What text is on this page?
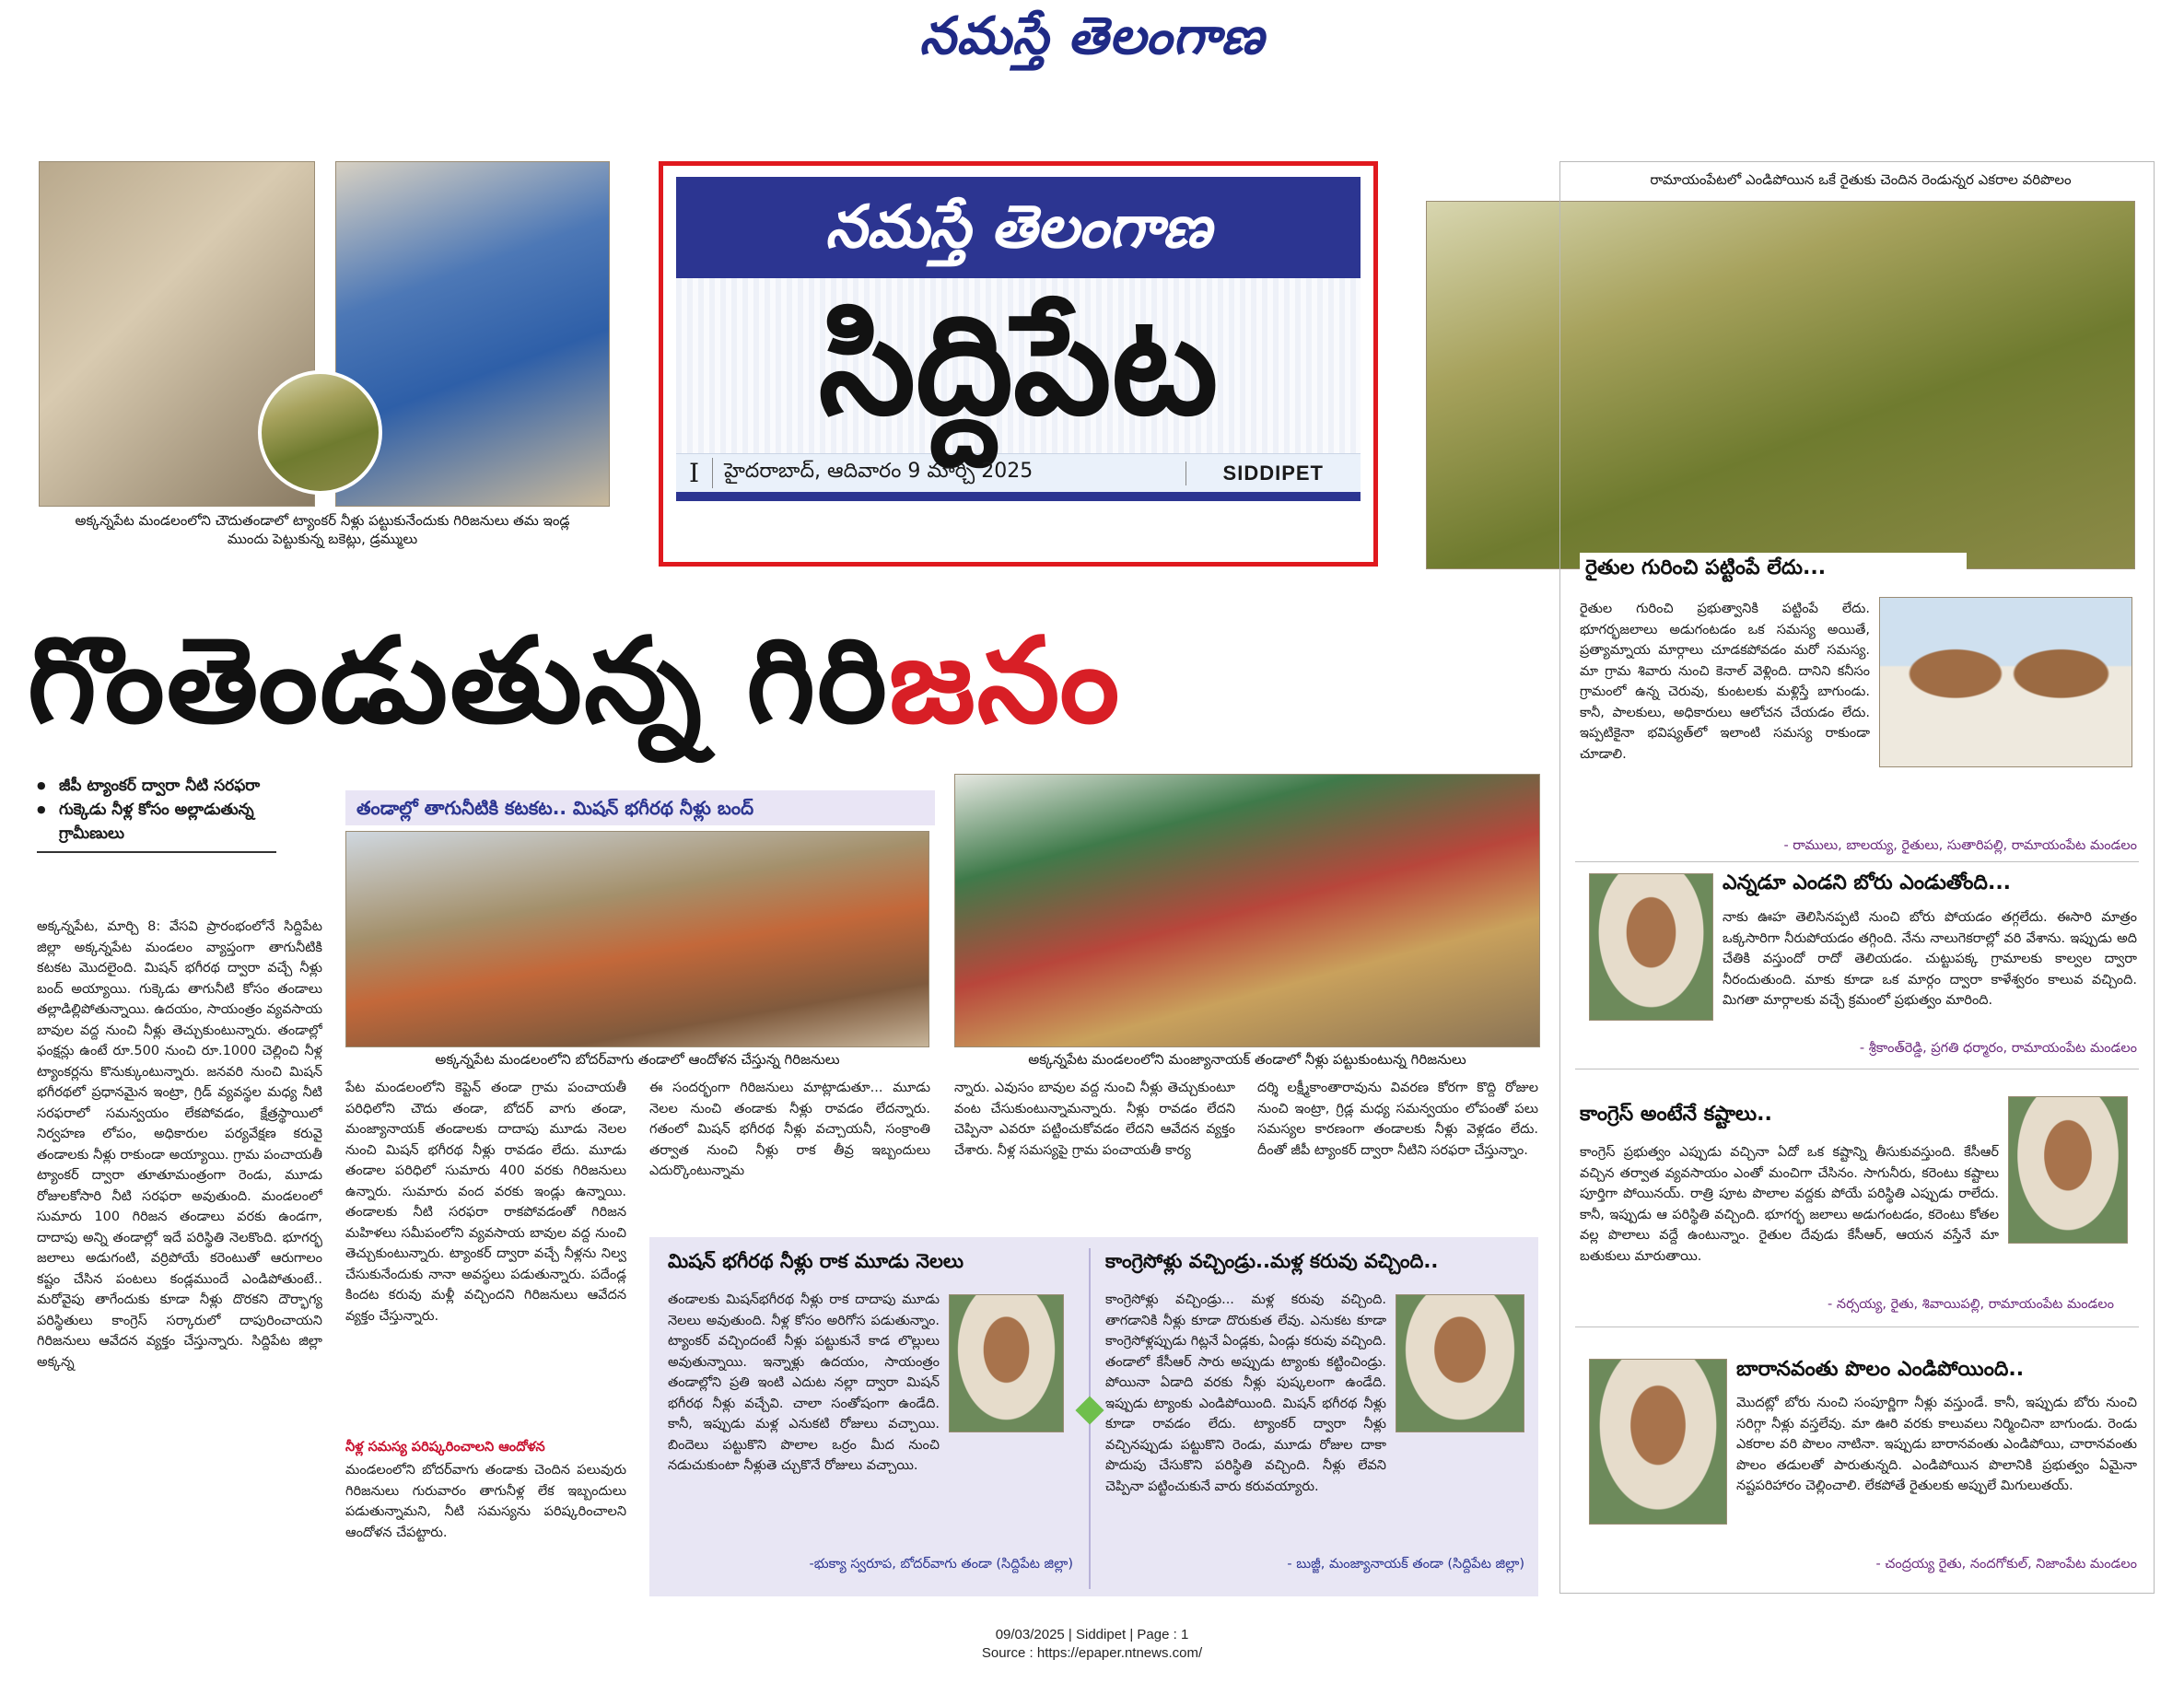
నమస్తే తెలంగాణ
అక్కన్నపేట మండలంలోని చౌదుతండాలో ట్యాంకర్ నీళ్లు పట్టుకునేందుకు గిరిజనులు తమ ఇండ్ల ముందు పెట్టుకున్న బకెట్లు, డ్రమ్ములు
నమస్తే తెలంగాణ
సిద్దిపేట
I	హైదరాబాద్, ఆదివారం 9 మార్చి 2025	SIDDIPET
రామాయంపేటలో ఎండిపోయిన ఒకే రైతుకు చెందిన రెండున్నర ఎకరాల వరిపొలం
గొంతెండుతున్న గిరిజనం
● జీపీ ట్యాంకర్ ద్వారా నీటి సరఫరా
● గుక్కెడు నీళ్ల కోసం అల్లాడుతున్న గ్రామీణులు
తండాల్లో తాగునీటికి కటకట.. మిషన్ భగీరథ నీళ్లు బంద్
అక్కన్నపేట మండలంలోని బోదర్‌వాగు తండాలో ఆందోళన చేస్తున్న గిరిజనులు	అక్కన్నపేట మండలంలోని మంజ్యానాయక్ తండాలో నీళ్లు పట్టుకుంటున్న గిరిజనులు
అక్కన్నపేట, మార్చి 8: వేసవి ప్రారంభంలోనే సిద్దిపేట జిల్లా అక్కన్నపేట మండలం వ్యాప్తంగా తాగునీటికి కటకట మొదలైంది. మిషన్ భగీరథ ద్వారా వచ్చే నీళ్లు బంద్ అయ్యాయి. గుక్కెడు తాగునీటి కోసం తండాలు తల్లాడిల్లిపోతున్నాయి. ఉదయం, సాయంత్రం వ్యవసాయ బావుల వద్ద నుంచి నీళ్లు తెచ్చుకుంటున్నారు. తండాల్లో ఫంక్షన్లు ఉంటే రూ.500 నుంచి రూ.1000 చెల్లించి నీళ్ల ట్యాంకర్లను కొనుక్కుంటున్నారు. జనవరి నుంచి మిషన్ భగీరథలో ప్రధానమైన ఇంట్రా, గ్రిడ్ వ్యవస్థల మధ్య నీటి సరఫరాలో సమన్వయం లేకపోవడం, క్షేత్రస్థాయిలో నిర్వహణ లోపం, అధికారుల పర్యవేక్షణ కరువై తండాలకు నీళ్లు రాకుండా అయ్యాయి. గ్రామ పంచాయతీ ట్యాంకర్ ద్వారా తూతూమంత్రంగా రెండు, మూడు రోజులకోసారి నీటి సరఫరా అవుతుంది. మండలంలో సుమారు 100 గిరిజన తండాలు వరకు ఉండగా, దాదాపు అన్ని తండాల్లో ఇదే పరిస్థితి నెలకొంది. భూగర్భ జలాలు అడుగంటి, వర్రిపోయే కరెంటుతో ఆరుగాలం కష్టం చేసిన పంటలు కండ్లముందే ఎండిపోతుంటే.. మరోవైపు తాగేందుకు కూడా నీళ్లు దొరకని దౌర్భాగ్య పరిస్థితులు కాంగ్రెస్ సర్కారులో దాపురించాయని గిరిజనులు ఆవేదన వ్యక్తం చేస్తున్నారు. సిద్దిపేట జిల్లా అక్కన్న
పేట మండలంలోని కెప్టెన్ తండా గ్రామ పంచాయతీ పరిధిలోని చౌదు తండా, బోదర్ వాగు తండా, మంజ్యానాయక్ తండాలకు దాదాపు మూడు నెలల నుంచి మిషన్ భగీరథ నీళ్లు రావడం లేదు. మూడు తండాల పరిధిలో సుమారు 400 వరకు గిరిజనులు ఉన్నారు. సుమారు వంద వరకు ఇండ్లు ఉన్నాయి. తండాలకు నీటి సరఫరా రాకపోవడంతో గిరిజన మహిళలు సమీపంలోని వ్యవసాయ బావుల వద్ద నుంచి తెచ్చుకుంటున్నారు. ట్యాంకర్ ద్వారా వచ్చే నీళ్లను నిల్వ చేసుకునేందుకు నానా అవస్థలు పడుతున్నారు. పదేండ్ల కిందట కరువు మళ్లీ వచ్చిందని గిరిజనులు ఆవేదన వ్యక్తం చేస్తున్నారు.
నీళ్ల సమస్య పరిష్కరించాలని ఆందోళన
మండలంలోని బోదర్‌వాగు తండాకు చెందిన పలువురు గిరిజనులు గురువారం తాగునీళ్ల లేక ఇబ్బందులు పడుతున్నామని, నీటి సమస్యను పరిష్కరించాలని ఆందోళన చేపట్టారు.
ఈ సందర్భంగా గిరిజనులు మాట్లాడుతూ... మూడు నెలల నుంచి తండాకు నీళ్లు రావడం లేదన్నారు. గతంలో మిషన్ భగీరథ నీళ్లు వచ్చాయనీ, సంక్రాంతి తర్వాత నుంచి నీళ్లు రాక తీవ్ర ఇబ్బందులు ఎదుర్కొంటున్నామ
న్నారు. ఎవుసం బావుల వద్ద నుంచి నీళ్లు తెచ్చుకుంటూ వంట చేసుకుంటున్నామన్నారు. నీళ్లు రావడం లేదని చెప్పినా ఎవరూ పట్టించుకోవడం లేదని ఆవేదన వ్యక్తం చేశారు. నీళ్ల సమస్యపై గ్రామ పంచాయతీ కార్య
దర్శి లక్ష్మీకాంతారావును వివరణ కోరగా కొద్ది రోజుల నుంచి ఇంట్రా, గ్రిడ్ల మధ్య సమన్వయం లోపంతో పలు సమస్యల కారణంగా తండాలకు నీళ్లు వెళ్లడం లేదు. దీంతో జీపీ ట్యాంకర్ ద్వారా నీటిని సరఫరా చేస్తున్నాం.
మిషన్ భగీరథ నీళ్లు రాక మూడు నెలలు
తండాలకు మిషన్‌భగీరథ నీళ్లు రాక దాదాపు మూడు నెలలు అవుతుంది. నీళ్ల కోసం అరిగోస పడుతున్నాం. ట్యాంకర్ వచ్చిందంటే నీళ్లు పట్టుకునే కాడ లొల్లులు అవుతున్నాయి. ఇన్నాళ్లు ఉదయం, సాయంత్రం తండాల్లోని ప్రతి ఇంటి ఎదుట నల్లా ద్వారా మిషన్ భగీరథ నీళ్లు వచ్చేవి. చాలా సంతోషంగా ఉండేది. కానీ, ఇప్పుడు మళ్ల ఎనుకటి రోజులు వచ్చాయి. బిందెలు పట్టుకొని పొలాల ఒర్రం మీద నుంచి నడుచుకుంటా నీళ్లుతె చ్చుకొనే రోజులు వచ్చాయి.
-భుక్యా స్వరూప, బోదర్‌వాగు తండా (సిద్దిపేట జిల్లా)
కాంగ్రెసోళ్లు వచ్చిండ్రు..మళ్ల కరువు వచ్చింది..
కాంగ్రెసోళ్లు వచ్చిండ్రు... మళ్ల కరువు వచ్చింది. తాగడానికి నీళ్లు కూడా దొరుకుత లేవు. ఎనుకట కూడా కాంగ్రెసోళ్లప్పుడు గిట్లనే ఏండ్లకు, ఏండ్లు కరువు వచ్చింది. తండాలో కేసీఆర్ సారు అప్పుడు ట్యాంకు కట్టించిండ్రు. పోయినా ఏడాది వరకు నీళ్లు పుష్కలంగా ఉండేది. ఇప్పుడు ట్యాంకు ఎండిపోయింది. మిషన్ భగీరథ నీళ్లు కూడా రావడం లేదు. ట్యాంకర్ ద్వారా నీళ్లు వచ్చినప్పుడు పట్టుకొని రెండు, మూడు రోజుల దాకా పొదుపు చేసుకొని పరిస్థితి వచ్చింది. నీళ్లు లేవని చెప్పినా పట్టించుకునే వారు కరువయ్యారు.
- బుజ్జీ, మంజ్యానాయక్ తండా (సిద్దిపేట జిల్లా)
రైతుల గురించి పట్టింపే లేదు...
రైతుల గురించి ప్రభుత్వానికి పట్టింపే లేదు. భూగర్భజలాలు అడుగంటడం ఒక సమస్య అయితే, ప్రత్యామ్నాయ మార్గాలు చూడకపోవడం మరో సమస్య. మా గ్రామ శివారు నుంచి కెనాల్ వెళ్లింది. దానిని కనీసం గ్రామంలో ఉన్న చెరువు, కుంటలకు మళ్లిస్తే బాగుండు. కానీ, పాలకులు, అధికారులు ఆలోచన చేయడం లేదు. ఇప్పటికైనా భవిష్యత్‌లో ఇలాంటి సమస్య రాకుండా చూడాలి.
- రాములు, బాలయ్య, రైతులు, సుతారిపల్లి, రామాయంపేట మండలం
ఎన్నడూ ఎండని బోరు ఎండుతోంది...
నాకు ఊహ తెలిసినప్పటి నుంచి బోరు పోయడం తగ్గలేదు. ఈసారి మాత్రం ఒక్కసారిగా నీరుపోయడం తగ్గింది. నేను నాలుగెకరాల్లో వరి వేశాను. ఇప్పుడు అది చేతికి వస్తుందో రాదో తెలియడం. చుట్టుపక్క గ్రామాలకు కాల్వల ద్వారా నీరందుతుంది. మాకు కూడా ఒక మార్గం ద్వారా కాళేశ్వరం కాలువ వచ్చింది. మిగతా మార్గాలకు వచ్చే క్రమంలో ప్రభుత్వం మారింది.
- శ్రీకాంత్‌రెడ్డి, ప్రగతి ధర్మారం, రామాయంపేట మండలం
కాంగ్రెస్ అంటేనే కష్టాలు..
కాంగ్రెస్ ప్రభుత్వం ఎప్పుడు వచ్చినా ఏదో ఒక కష్టాన్ని తీసుకువస్తుంది. కేసీఆర్ వచ్చిన తర్వాత వ్యవసాయం ఎంతో మంచిగా చేసినం. సాగునీరు, కరెంటు కష్టాలు పూర్తిగా పోయినయ్. రాత్రి పూట పొలాల వద్దకు పోయే పరిస్థితి ఎప్పుడు రాలేదు. కానీ, ఇప్పుడు ఆ పరిస్థితి వచ్చింది. భూగర్భ జలాలు అడుగంటడం, కరెంటు కోతల వల్ల పొలాలు వద్దే ఉంటున్నాం. రైతుల దేవుడు కేసీఆర్, ఆయన వస్తేనే మా బతుకులు మారుతాయి.
- నర్సయ్య, రైతు, శివాయిపల్లి, రామాయంపేట మండలం
బారానవంతు పొలం ఎండిపోయింది..
మొదట్లో బోరు నుంచి సంపూర్ణిగా నీళ్లు వస్తుండే. కానీ, ఇప్పుడు బోరు నుంచి సరిగ్గా నీళ్లు వస్తలేవు. మా ఊరి వరకు కాలువలు నిర్మించినా బాగుండు. రెండు ఎకరాల వరి పొలం నాటినా. ఇప్పుడు బారానవంతు ఎండిపోయి, చారానవంతు పొలం తడులతో పారుతున్నది. ఎండిపోయిన పొలానికి ప్రభుత్వం ఏమైనా నష్టపరిహారం చెల్లించాలి. లేకపోతే రైతులకు అప్పులే మిగులుతయ్.
- చంద్రయ్య రైతు, నందగోకుల్, నిజాంపేట మండలం
09/03/2025 | Siddipet | Page : 1
Source : https://epaper.ntnews.com/
